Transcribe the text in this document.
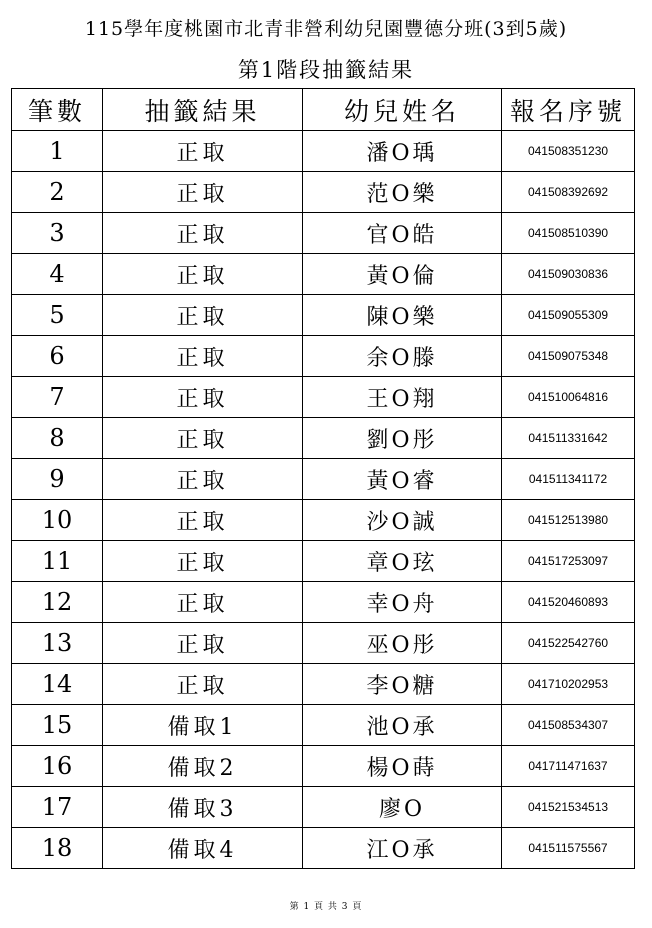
115學年度桃園市北青非營利幼兒園豐德分班(3到5歲)
第1階段抽籤結果
筆數	抽籤結果	幼兒姓名	報名序號
1	正取	潘O瑀	041508351230
2	正取	范O樂	041508392692
3	正取	官O皓	041508510390
4	正取	黃O倫	041509030836
5	正取	陳O樂	041509055309
6	正取	余O滕	041509075348
7	正取	王O翔	041510064816
8	正取	劉O彤	041511331642
9	正取	黃O睿	041511341172
10	正取	沙O誠	041512513980
11	正取	章O玹	041517253097
12	正取	幸O舟	041520460893
13	正取	巫O彤	041522542760
14	正取	李O糖	041710202953
15	備取1	池O承	041508534307
16	備取2	楊O蒔	041711471637
17	備取3	廖O	041521534513
18	備取4	江O承	041511575567
第 1 頁 共 3 頁
